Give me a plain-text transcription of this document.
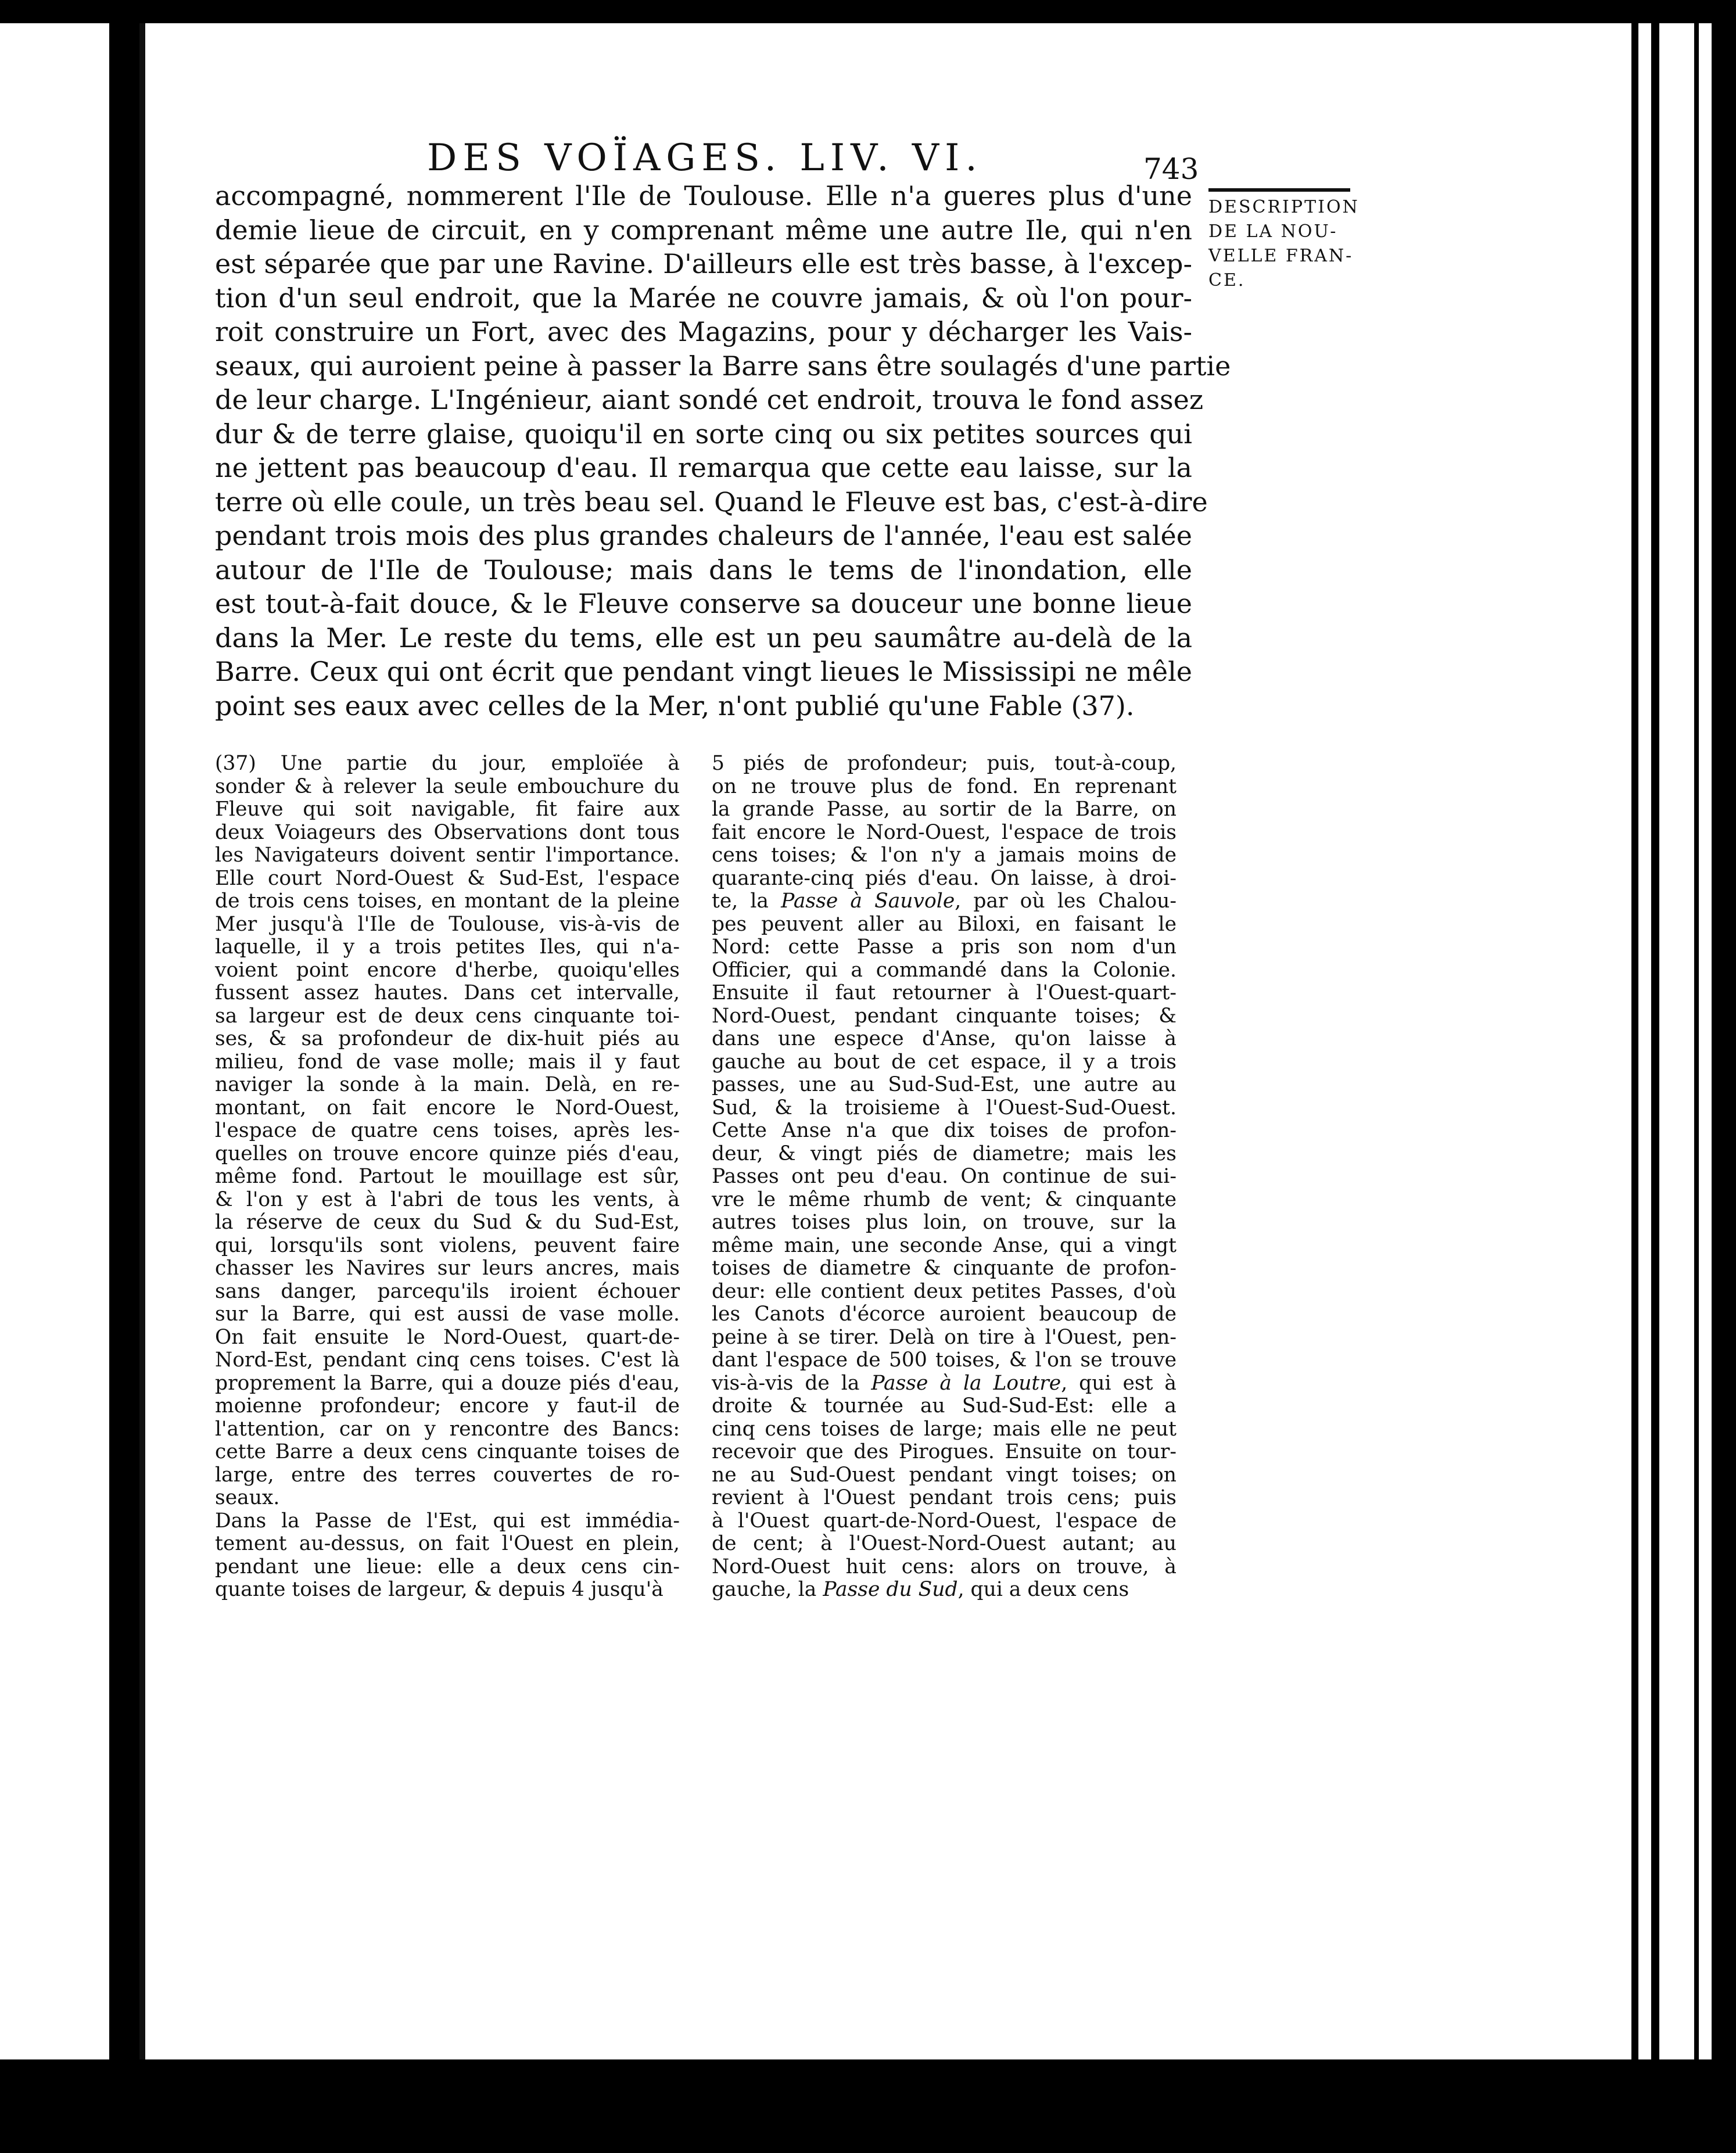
DES VOÏAGES. LIV. VI.	743
DESCRIPTION
DE LA NOU-
VELLE FRAN-
CE.
accompagné, nommerent l'Ile de Toulouse. Elle n'a gueres plus d'une
demie lieue de circuit, en y comprenant même une autre Ile, qui n'en
est séparée que par une Ravine. D'ailleurs elle est très basse, à l'excep-
tion d'un seul endroit, que la Marée ne couvre jamais, & où l'on pour-
roit construire un Fort, avec des Magazins, pour y décharger les Vais-
seaux, qui auroient peine à passer la Barre sans être soulagés d'une partie
de leur charge. L'Ingénieur, aiant sondé cet endroit, trouva le fond assez
dur & de terre glaise, quoiqu'il en sorte cinq ou six petites sources qui
ne jettent pas beaucoup d'eau. Il remarqua que cette eau laisse, sur la
terre où elle coule, un très beau sel. Quand le Fleuve est bas, c'est-à-dire
pendant trois mois des plus grandes chaleurs de l'année, l'eau est salée
autour de l'Ile de Toulouse; mais dans le tems de l'inondation, elle
est tout-à-fait douce, & le Fleuve conserve sa douceur une bonne lieue
dans la Mer. Le reste du tems, elle est un peu saumâtre au-delà de la
Barre. Ceux qui ont écrit que pendant vingt lieues le Mississipi ne mêle
point ses eaux avec celles de la Mer, n'ont publié qu'une Fable (37).
(37) Une partie du jour, emploïée à
sonder & à relever la seule embouchure du
Fleuve qui soit navigable, fit faire aux
deux Voiageurs des Observations dont tous
les Navigateurs doivent sentir l'importance.
Elle court Nord-Ouest & Sud-Est, l'espace
de trois cens toises, en montant de la pleine
Mer jusqu'à l'Ile de Toulouse, vis-à-vis de
laquelle, il y a trois petites Iles, qui n'a-
voient point encore d'herbe, quoiqu'elles
fussent assez hautes. Dans cet intervalle,
sa largeur est de deux cens cinquante toi-
ses, & sa profondeur de dix-huit piés au
milieu, fond de vase molle; mais il y faut
naviger la sonde à la main. Delà, en re-
montant, on fait encore le Nord-Ouest,
l'espace de quatre cens toises, après les-
quelles on trouve encore quinze piés d'eau,
même fond. Partout le mouillage est sûr,
& l'on y est à l'abri de tous les vents, à
la réserve de ceux du Sud & du Sud-Est,
qui, lorsqu'ils sont violens, peuvent faire
chasser les Navires sur leurs ancres, mais
sans danger, parcequ'ils iroient échouer
sur la Barre, qui est aussi de vase molle.
On fait ensuite le Nord-Ouest, quart-de-
Nord-Est, pendant cinq cens toises. C'est là
proprement la Barre, qui a douze piés d'eau,
moienne profondeur; encore y faut-il de
l'attention, car on y rencontre des Bancs:
cette Barre a deux cens cinquante toises de
large, entre des terres couvertes de ro-
seaux.
Dans la Passe de l'Est, qui est immédia-
tement au-dessus, on fait l'Ouest en plein,
pendant une lieue: elle a deux cens cin-
quante toises de largeur, & depuis 4 jusqu'à
5 piés de profondeur; puis, tout-à-coup,
on ne trouve plus de fond. En reprenant
la grande Passe, au sortir de la Barre, on
fait encore le Nord-Ouest, l'espace de trois
cens toises; & l'on n'y a jamais moins de
quarante-cinq piés d'eau. On laisse, à droi-
te, la Passe à Sauvole, par où les Chalou-
pes peuvent aller au Biloxi, en faisant le
Nord: cette Passe a pris son nom d'un
Officier, qui a commandé dans la Colonie.
Ensuite il faut retourner à l'Ouest-quart-
Nord-Ouest, pendant cinquante toises; &
dans une espece d'Anse, qu'on laisse à
gauche au bout de cet espace, il y a trois
passes, une au Sud-Sud-Est, une autre au
Sud, & la troisieme à l'Ouest-Sud-Ouest.
Cette Anse n'a que dix toises de profon-
deur, & vingt piés de diametre; mais les
Passes ont peu d'eau. On continue de sui-
vre le même rhumb de vent; & cinquante
autres toises plus loin, on trouve, sur la
même main, une seconde Anse, qui a vingt
toises de diametre & cinquante de profon-
deur: elle contient deux petites Passes, d'où
les Canots d'écorce auroient beaucoup de
peine à se tirer. Delà on tire à l'Ouest, pen-
dant l'espace de 500 toises, & l'on se trouve
vis-à-vis de la Passe à la Loutre, qui est à
droite & tournée au Sud-Sud-Est: elle a
cinq cens toises de large; mais elle ne peut
recevoir que des Pirogues. Ensuite on tour-
ne au Sud-Ouest pendant vingt toises; on
revient à l'Ouest pendant trois cens; puis
à l'Ouest quart-de-Nord-Ouest, l'espace de
de cent; à l'Ouest-Nord-Ouest autant; au
Nord-Ouest huit cens: alors on trouve, à
gauche, la Passe du Sud, qui a deux cens
